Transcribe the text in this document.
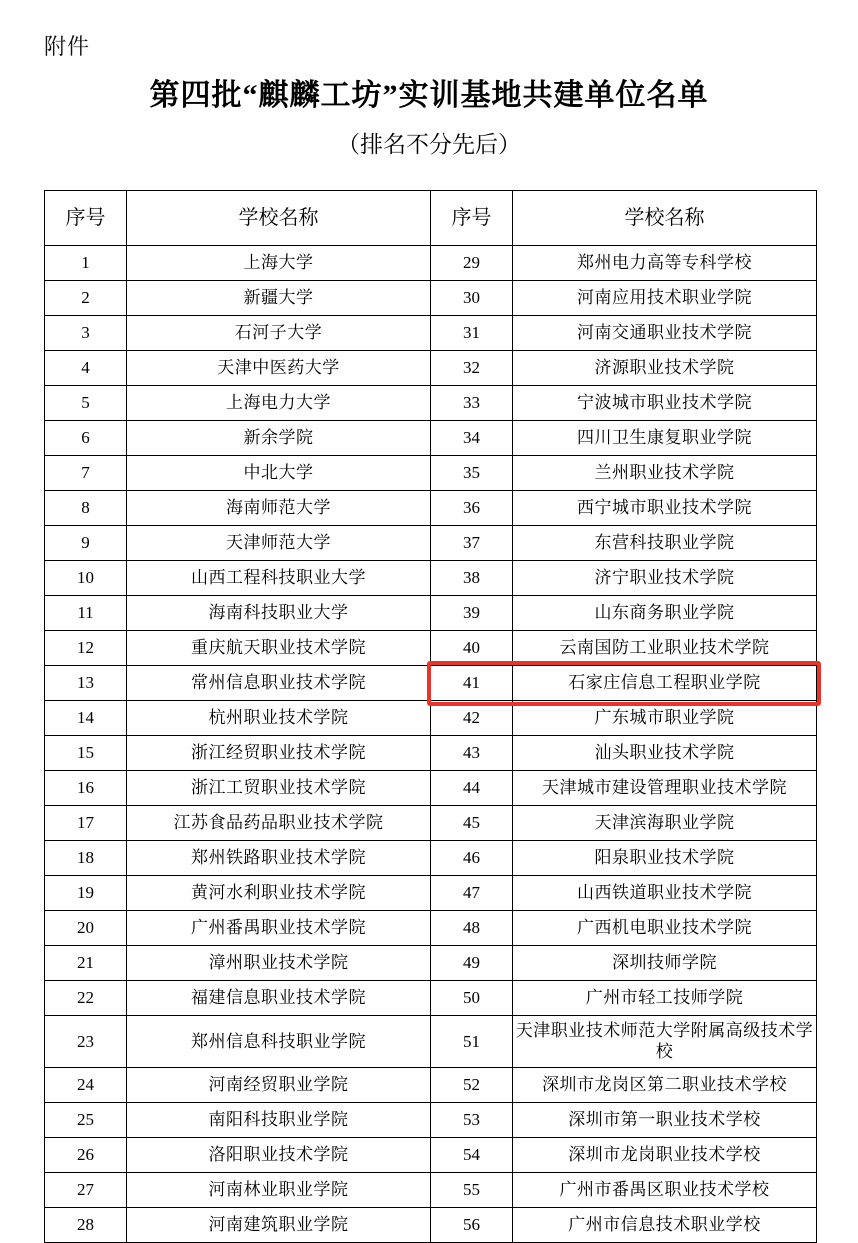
附件
第四批“麒麟工坊”实训基地共建单位名单
（排名不分先后）
序号	学校名称	序号	学校名称
1	上海大学	29	郑州电力高等专科学校
2	新疆大学	30	河南应用技术职业学院
3	石河子大学	31	河南交通职业技术学院
4	天津中医药大学	32	济源职业技术学院
5	上海电力大学	33	宁波城市职业技术学院
6	新余学院	34	四川卫生康复职业学院
7	中北大学	35	兰州职业技术学院
8	海南师范大学	36	西宁城市职业技术学院
9	天津师范大学	37	东营科技职业学院
10	山西工程科技职业大学	38	济宁职业技术学院
11	海南科技职业大学	39	山东商务职业学院
12	重庆航天职业技术学院	40	云南国防工业职业技术学院
13	常州信息职业技术学院	41	石家庄信息工程职业学院
14	杭州职业技术学院	42	广东城市职业学院
15	浙江经贸职业技术学院	43	汕头职业技术学院
16	浙江工贸职业技术学院	44	天津城市建设管理职业技术学院
17	江苏食品药品职业技术学院	45	天津滨海职业学院
18	郑州铁路职业技术学院	46	阳泉职业技术学院
19	黄河水利职业技术学院	47	山西铁道职业技术学院
20	广州番禺职业技术学院	48	广西机电职业技术学院
21	漳州职业技术学院	49	深圳技师学院
22	福建信息职业技术学院	50	广州市轻工技师学院
23	郑州信息科技职业学院	51	天津职业技术师范大学附属高级技术学校
24	河南经贸职业学院	52	深圳市龙岗区第二职业技术学校
25	南阳科技职业学院	53	深圳市第一职业技术学校
26	洛阳职业技术学院	54	深圳市龙岗职业技术学校
27	河南林业职业学院	55	广州市番禺区职业技术学校
28	河南建筑职业学院	56	广州市信息技术职业学校
